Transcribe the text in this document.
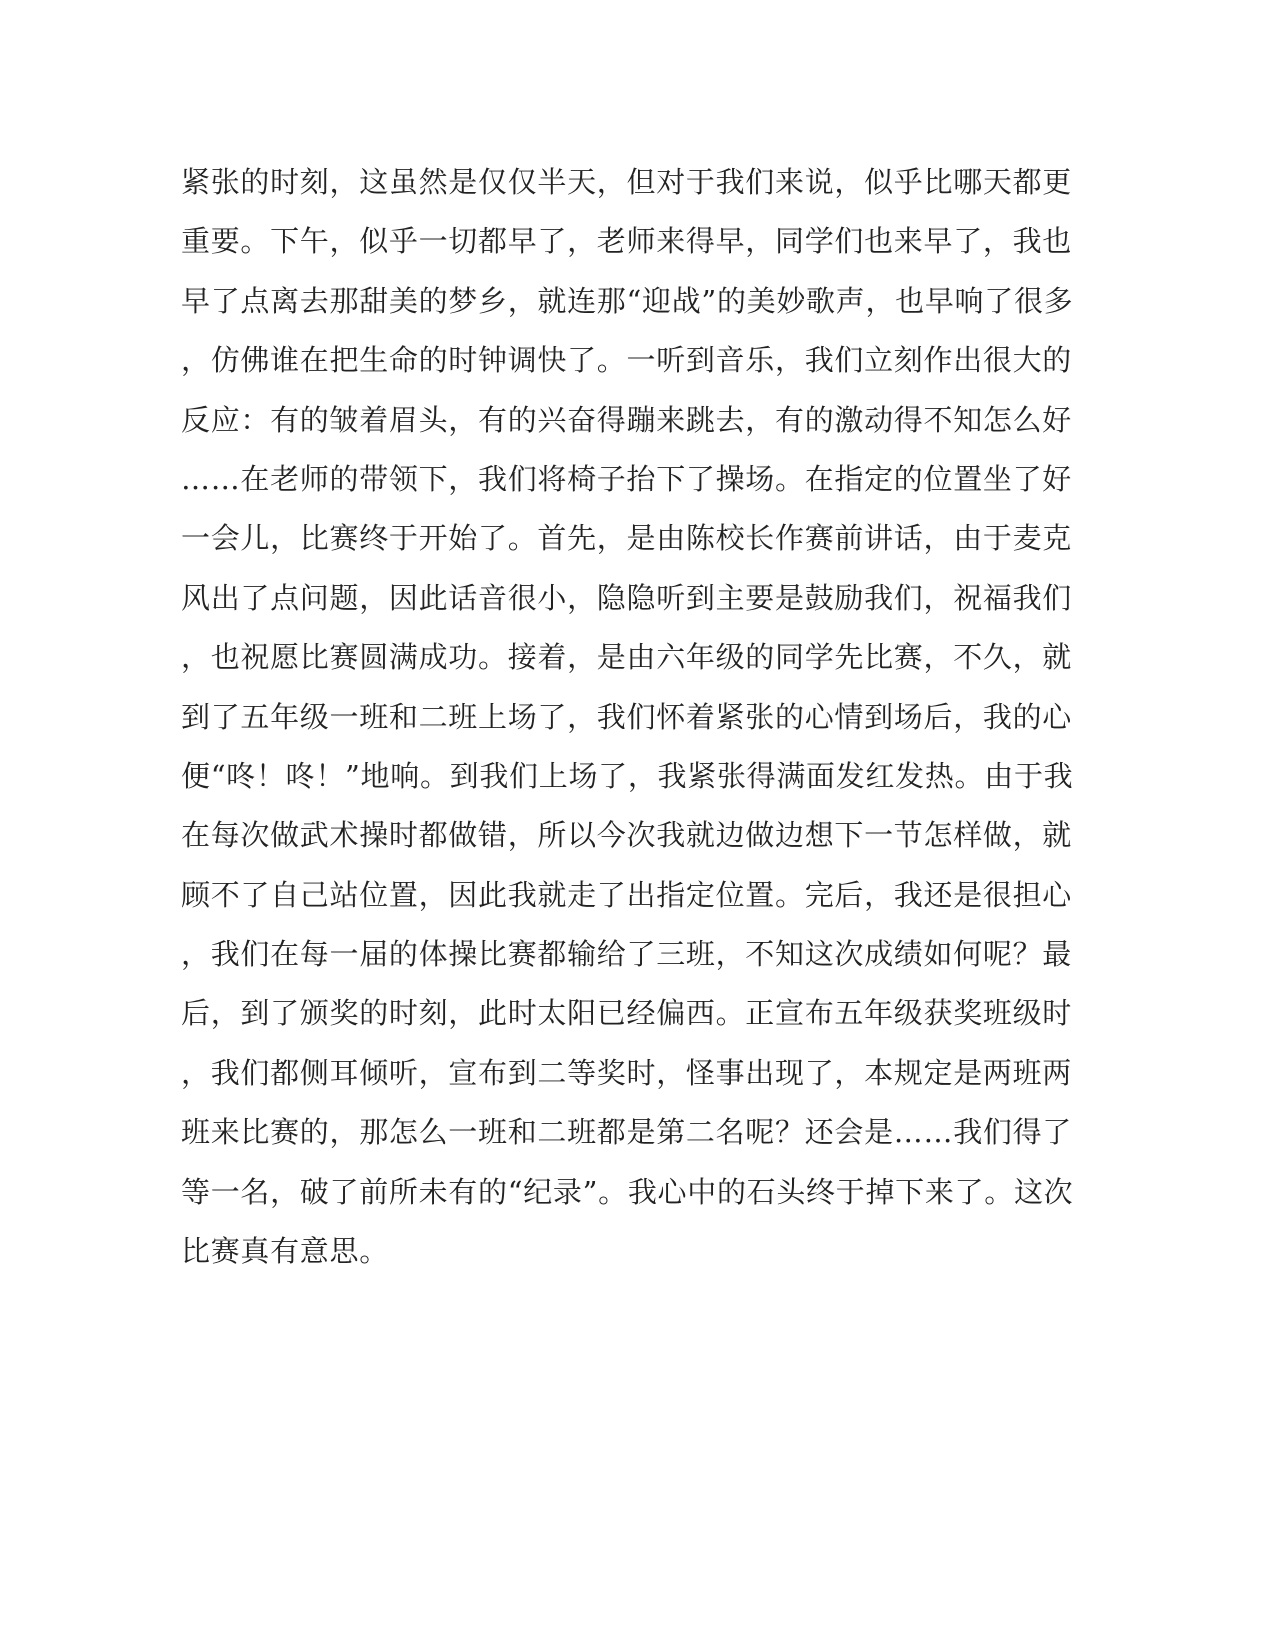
紧张的时刻，这虽然是仅仅半天，但对于我们来说，似乎比哪天都更
重要。下午，似乎一切都早了，老师来得早，同学们也来早了，我也
早了点离去那甜美的梦乡，就连那“迎战”的美妙歌声，也早响了很多
，仿佛谁在把生命的时钟调快了。一听到音乐，我们立刻作出很大的
反应：有的皱着眉头，有的兴奋得蹦来跳去，有的激动得不知怎么好
……在老师的带领下，我们将椅子抬下了操场。在指定的位置坐了好
一会儿，比赛终于开始了。首先，是由陈校长作赛前讲话，由于麦克
风出了点问题，因此话音很小，隐隐听到主要是鼓励我们，祝福我们
，也祝愿比赛圆满成功。接着，是由六年级的同学先比赛，不久，就
到了五年级一班和二班上场了，我们怀着紧张的心情到场后，我的心
便“咚！咚！”地响。到我们上场了，我紧张得满面发红发热。由于我
在每次做武术操时都做错，所以今次我就边做边想下一节怎样做，就
顾不了自己站位置，因此我就走了出指定位置。完后，我还是很担心
，我们在每一届的体操比赛都输给了三班，不知这次成绩如何呢？最
后，到了颁奖的时刻，此时太阳已经偏西。正宣布五年级获奖班级时
，我们都侧耳倾听，宣布到二等奖时，怪事出现了，本规定是两班两
班来比赛的，那怎么一班和二班都是第二名呢？还会是……我们得了
等一名，破了前所未有的“纪录”。我心中的石头终于掉下来了。这次
比赛真有意思。
